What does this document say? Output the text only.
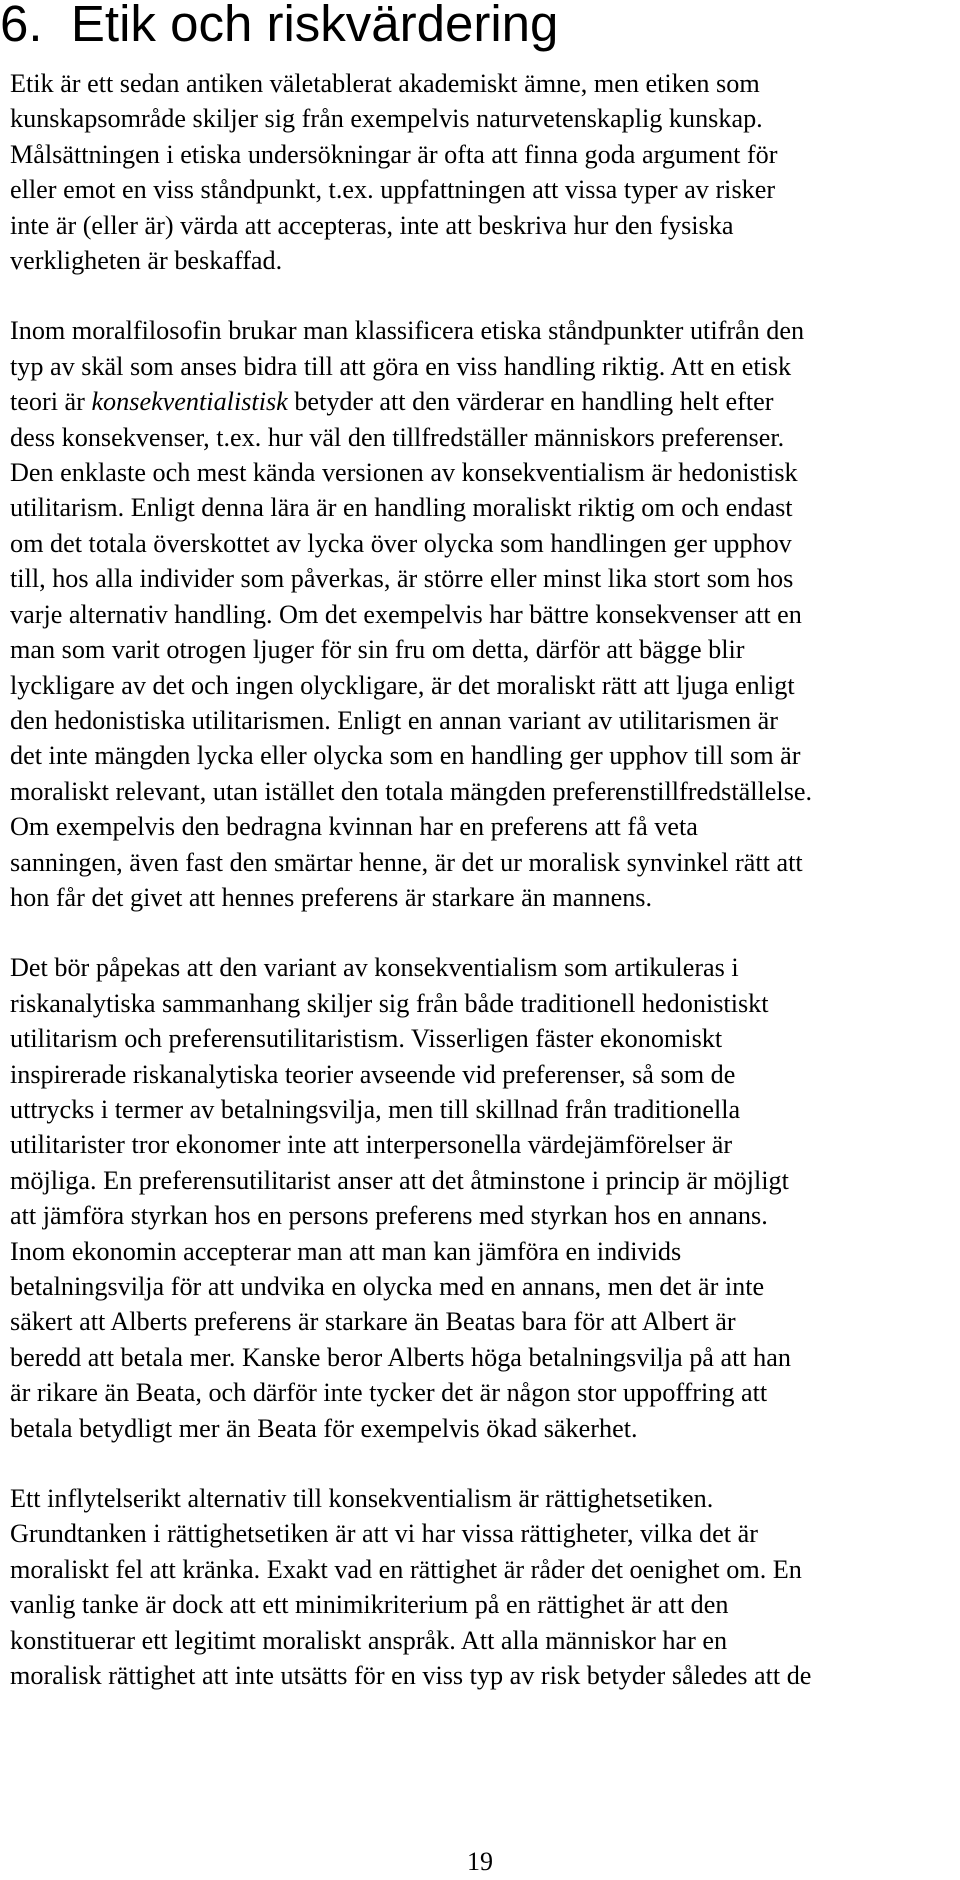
6. Etik och riskvärdering

Etik är ett sedan antiken väletablerat akademiskt ämne, men etiken som
kunskapsområde skiljer sig från exempelvis naturvetenskaplig kunskap.
Målsättningen i etiska undersökningar är ofta att finna goda argument för
eller emot en viss ståndpunkt, t.ex. uppfattningen att vissa typer av risker
inte är (eller är) värda att accepteras, inte att beskriva hur den fysiska
verkligheten är beskaffad.

Inom moralfilosofin brukar man klassificera etiska ståndpunkter utifrån den
typ av skäl som anses bidra till att göra en viss handling riktig. Att en etisk
teori är konsekventialistisk betyder att den värderar en handling helt efter
dess konsekvenser, t.ex. hur väl den tillfredställer människors preferenser.
Den enklaste och mest kända versionen av konsekventialism är hedonistisk
utilitarism. Enligt denna lära är en handling moraliskt riktig om och endast
om det totala överskottet av lycka över olycka som handlingen ger upphov
till, hos alla individer som påverkas, är större eller minst lika stort som hos
varje alternativ handling. Om det exempelvis har bättre konsekvenser att en
man som varit otrogen ljuger för sin fru om detta, därför att bägge blir
lyckligare av det och ingen olyckligare, är det moraliskt rätt att ljuga enligt
den hedonistiska utilitarismen. Enligt en annan variant av utilitarismen är
det inte mängden lycka eller olycka som en handling ger upphov till som är
moraliskt relevant, utan istället den totala mängden preferenstillfredställelse.
Om exempelvis den bedragna kvinnan har en preferens att få veta
sanningen, även fast den smärtar henne, är det ur moralisk synvinkel rätt att
hon får det givet att hennes preferens är starkare än mannens.

Det bör påpekas att den variant av konsekventialism som artikuleras i
riskanalytiska sammanhang skiljer sig från både traditionell hedonistiskt
utilitarism och preferensutilitaristism. Visserligen fäster ekonomiskt
inspirerade riskanalytiska teorier avseende vid preferenser, så som de
uttrycks i termer av betalningsvilja, men till skillnad från traditionella
utilitarister tror ekonomer inte att interpersonella värdejämförelser är
möjliga. En preferensutilitarist anser att det åtminstone i princip är möjligt
att jämföra styrkan hos en persons preferens med styrkan hos en annans.
Inom ekonomin accepterar man att man kan jämföra en individs
betalningsvilja för att undvika en olycka med en annans, men det är inte
säkert att Alberts preferens är starkare än Beatas bara för att Albert är
beredd att betala mer. Kanske beror Alberts höga betalningsvilja på att han
är rikare än Beata, och därför inte tycker det är någon stor uppoffring att
betala betydligt mer än Beata för exempelvis ökad säkerhet.

Ett inflytelserikt alternativ till konsekventialism är rättighetsetiken.
Grundtanken i rättighetsetiken är att vi har vissa rättigheter, vilka det är
moraliskt fel att kränka. Exakt vad en rättighet är råder det oenighet om. En
vanlig tanke är dock att ett minimikriterium på en rättighet är att den
konstituerar ett legitimt moraliskt anspråk. Att alla människor har en
moralisk rättighet att inte utsätts för en viss typ av risk betyder således att de

19
